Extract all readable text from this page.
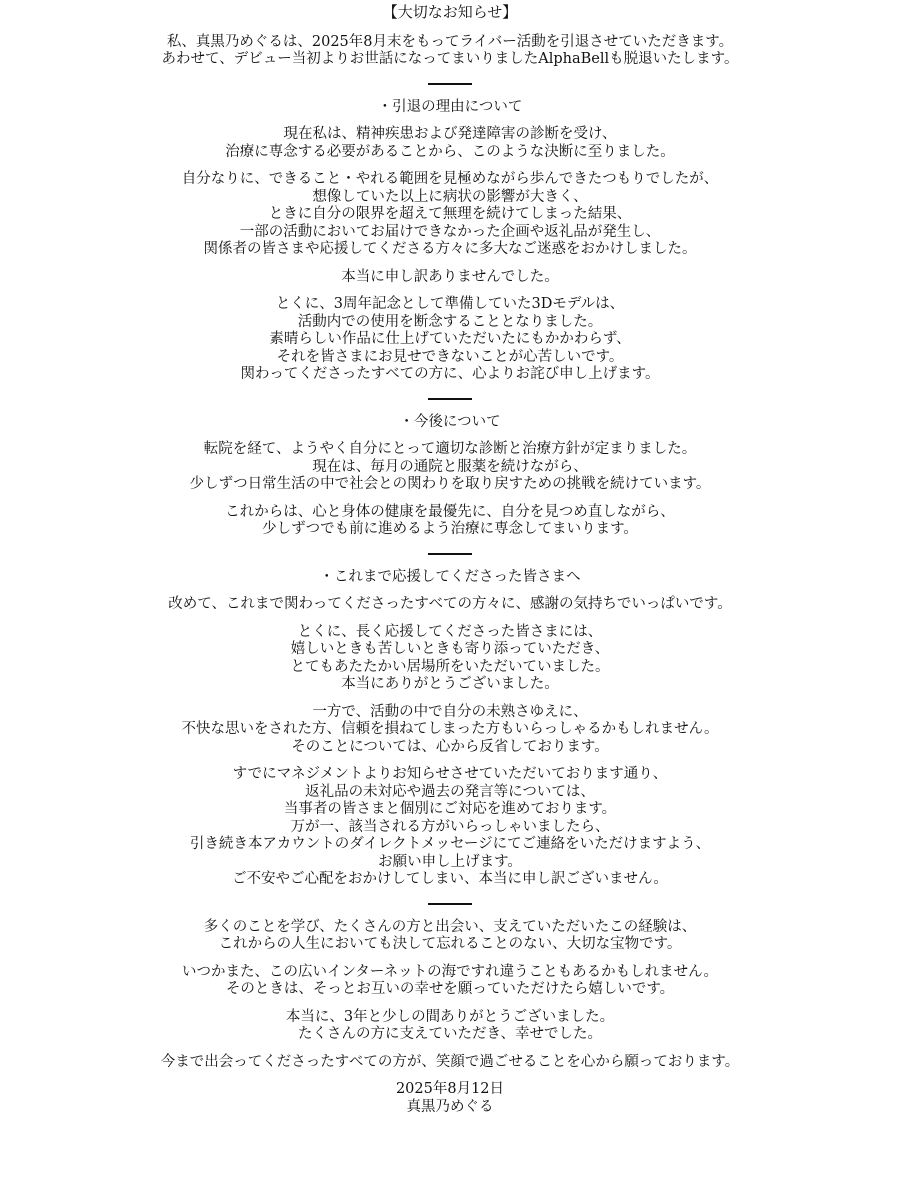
【大切なお知らせ】
私、真黒乃めぐるは、2025年8月末をもってライバー活動を引退させていただきます。
あわせて、デビュー当初よりお世話になってまいりましたAlphaBellも脱退いたします。
・引退の理由について
現在私は、精神疾患および発達障害の診断を受け、
治療に専念する必要があることから、このような決断に至りました。
自分なりに、できること・やれる範囲を見極めながら歩んできたつもりでしたが、
想像していた以上に病状の影響が大きく、
ときに自分の限界を超えて無理を続けてしまった結果、
一部の活動においてお届けできなかった企画や返礼品が発生し、
関係者の皆さまや応援してくださる方々に多大なご迷惑をおかけしました。
本当に申し訳ありませんでした。
とくに、3周年記念として準備していた3Dモデルは、
活動内での使用を断念することとなりました。
素晴らしい作品に仕上げていただいたにもかかわらず、
それを皆さまにお見せできないことが心苦しいです。
関わってくださったすべての方に、心よりお詫び申し上げます。
・今後について
転院を経て、ようやく自分にとって適切な診断と治療方針が定まりました。
現在は、毎月の通院と服薬を続けながら、
少しずつ日常生活の中で社会との関わりを取り戻すための挑戦を続けています。
これからは、心と身体の健康を最優先に、自分を見つめ直しながら、
少しずつでも前に進めるよう治療に専念してまいります。
・これまで応援してくださった皆さまへ
改めて、これまで関わってくださったすべての方々に、感謝の気持ちでいっぱいです。
とくに、長く応援してくださった皆さまには、
嬉しいときも苦しいときも寄り添っていただき、
とてもあたたかい居場所をいただいていました。
本当にありがとうございました。
一方で、活動の中で自分の未熟さゆえに、
不快な思いをされた方、信頼を損ねてしまった方もいらっしゃるかもしれません。
そのことについては、心から反省しております。
すでにマネジメントよりお知らせさせていただいております通り、
返礼品の未対応や過去の発言等については、
当事者の皆さまと個別にご対応を進めております。
万が一、該当される方がいらっしゃいましたら、
引き続き本アカウントのダイレクトメッセージにてご連絡をいただけますよう、
お願い申し上げます。
ご不安やご心配をおかけしてしまい、本当に申し訳ございません。
多くのことを学び、たくさんの方と出会い、支えていただいたこの経験は、
これからの人生においても決して忘れることのない、大切な宝物です。
いつかまた、この広いインターネットの海ですれ違うこともあるかもしれません。
そのときは、そっとお互いの幸せを願っていただけたら嬉しいです。
本当に、3年と少しの間ありがとうございました。
たくさんの方に支えていただき、幸せでした。
今まで出会ってくださったすべての方が、笑顔で過ごせることを心から願っております。
2025年8月12日
真黒乃めぐる
